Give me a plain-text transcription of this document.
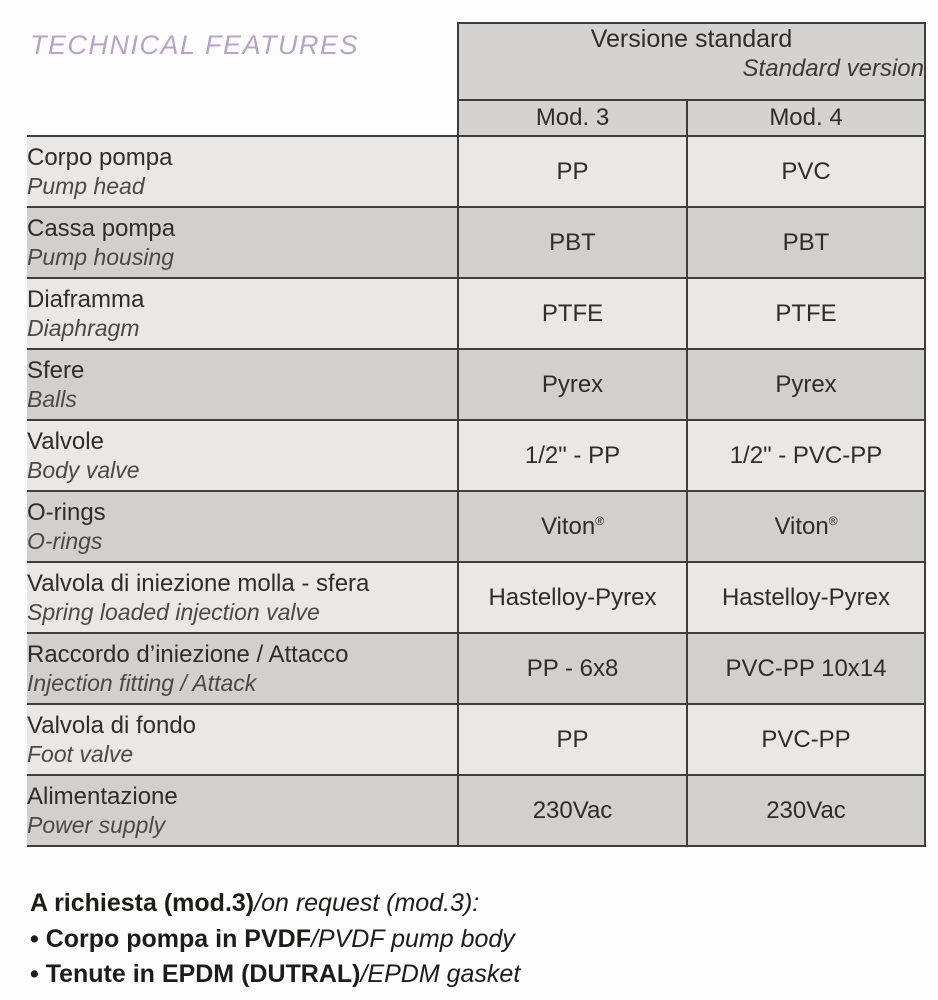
TECHNICAL FEATURES

	Versione standard
Standard version	

	Mod. 3	Mod. 4

Corpo pompa
Pump head	PP	PVC

Cassa pompa
Pump housing	PBT	PBT

Diaframma
Diaphragm	PTFE	PTFE

Sfere
Balls	Pyrex	Pyrex

Valvole
Body valve	1/2" - PP	1/2" - PVC-PP

O-rings
O-rings	Viton®	Viton®

Valvola di iniezione molla - sfera
Spring loaded injection valve	Hastelloy-Pyrex	Hastelloy-Pyrex

Raccordo d’iniezione / Attacco
Injection fitting / Attack	PP - 6x8	PVC-PP 10x14

Valvola di fondo
Foot valve	PP	PVC-PP

Alimentazione
Power supply	230Vac	230Vac
A richiesta (mod.3)/on request (mod.3):
• Corpo pompa in PVDF/PVDF pump body
• Tenute in EPDM (DUTRAL)/EPDM gasket
